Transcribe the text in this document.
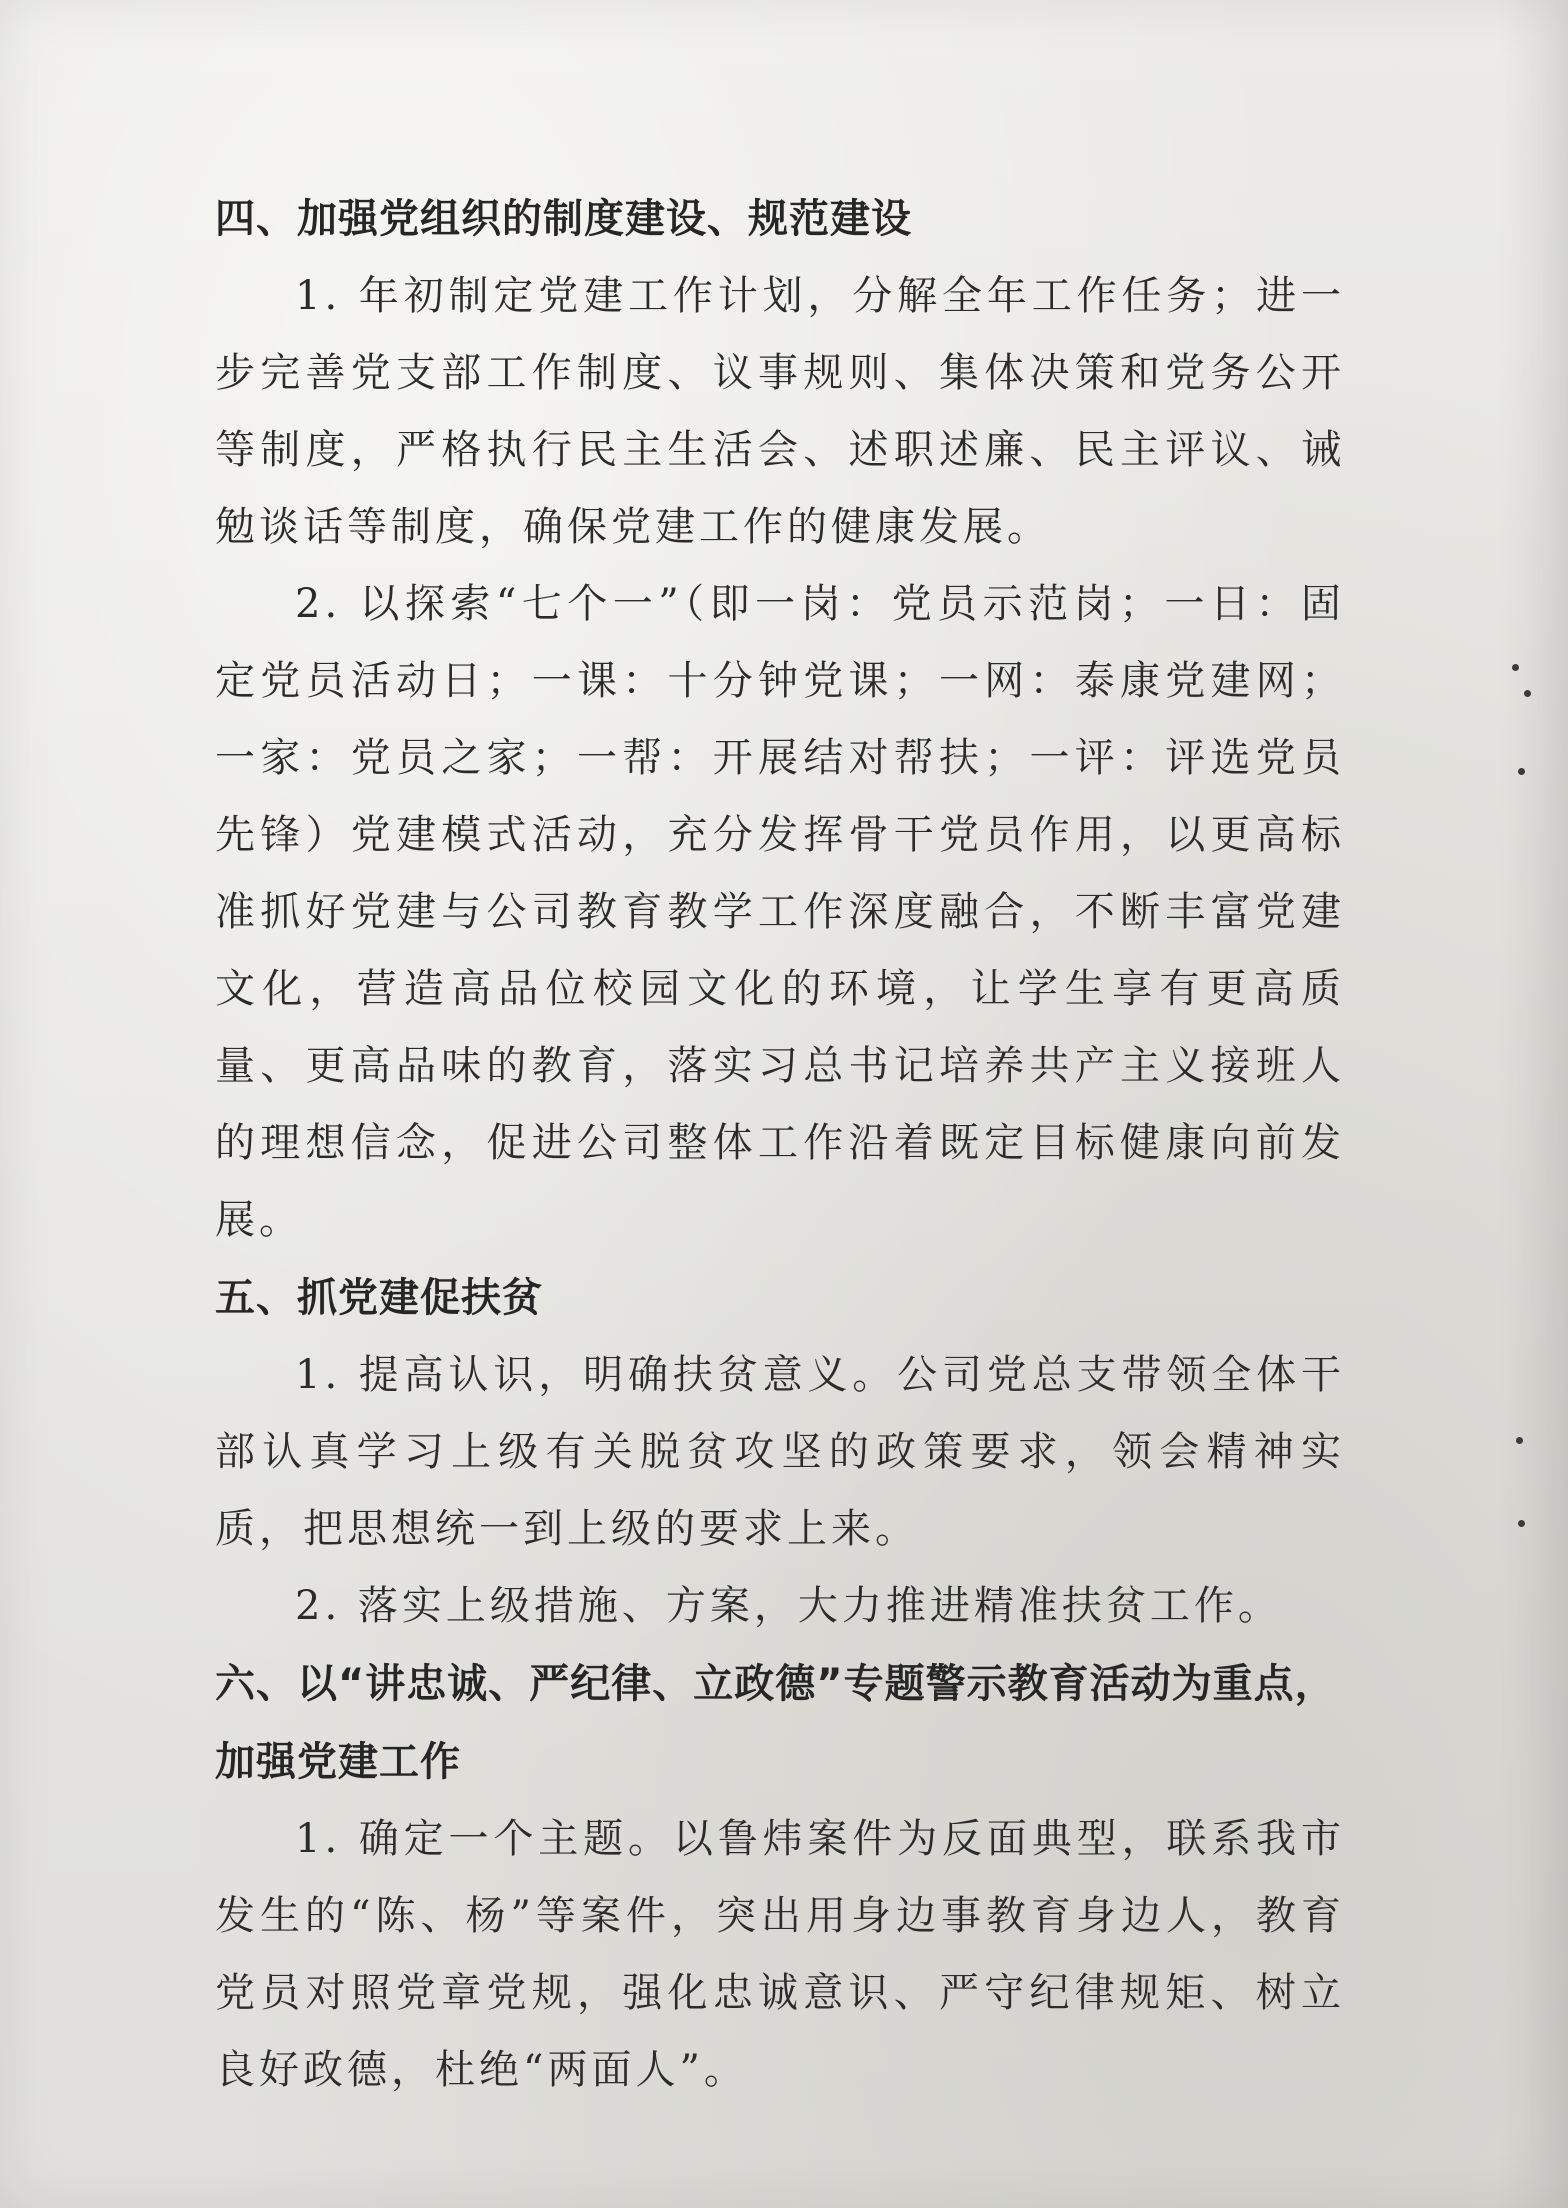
四、加强党组织的制度建设、规范建设

1. 年初制定党建工作计划，分解全年工作任务；进一步完善党支部工作制度、议事规则、集体决策和党务公开等制度，严格执行民主生活会、述职述廉、民主评议、诫勉谈话等制度，确保党建工作的健康发展。

2. 以探索“七个一”（即一岗：党员示范岗；一日：固定党员活动日；一课：十分钟党课；一网：泰康党建网；一家：党员之家；一帮：开展结对帮扶；一评：评选党员先锋）党建模式活动，充分发挥骨干党员作用，以更高标准抓好党建与公司教育教学工作深度融合，不断丰富党建文化，营造高品位校园文化的环境，让学生享有更高质量、更高品味的教育，落实习总书记培养共产主义接班人的理想信念，促进公司整体工作沿着既定目标健康向前发展。

五、抓党建促扶贫

1. 提高认识，明确扶贫意义。公司党总支带领全体干部认真学习上级有关脱贫攻坚的政策要求，领会精神实质，把思想统一到上级的要求上来。

2. 落实上级措施、方案，大力推进精准扶贫工作。

六、以“讲忠诚、严纪律、立政德”专题警示教育活动为重点，加强党建工作

1. 确定一个主题。以鲁炜案件为反面典型，联系我市发生的“陈、杨”等案件，突出用身边事教育身边人，教育党员对照党章党规，强化忠诚意识、严守纪律规矩、树立良好政德，杜绝“两面人”。
